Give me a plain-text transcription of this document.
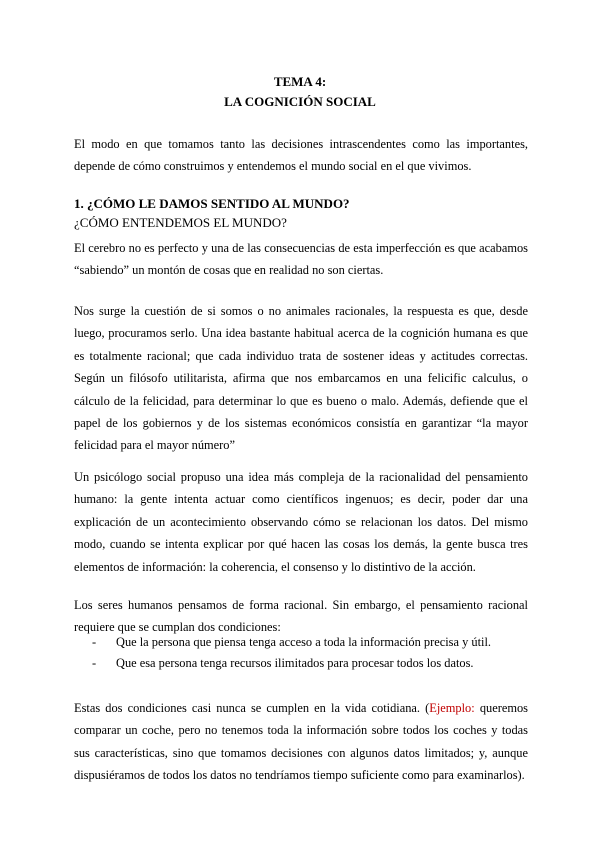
TEMA 4:
LA COGNICIÓN SOCIAL
El modo en que tomamos tanto las decisiones intrascendentes como las importantes, depende de cómo construimos y entendemos el mundo social en el que vivimos.
1. ¿CÓMO LE DAMOS SENTIDO AL MUNDO?
¿CÓMO ENTENDEMOS EL MUNDO?
El cerebro no es perfecto y una de las consecuencias de esta imperfección es que acabamos “sabiendo” un montón de cosas que en realidad no son ciertas.
Nos surge la cuestión de si somos o no animales racionales, la respuesta es que, desde luego, procuramos serlo. Una idea bastante habitual acerca de la cognición humana es que es totalmente racional; que cada individuo trata de sostener ideas y actitudes correctas. Según un filósofo utilitarista, afirma que nos embarcamos en una felicific calculus, o cálculo de la felicidad, para determinar lo que es bueno o malo. Además, defiende que el papel de los gobiernos y de los sistemas económicos consistía en garantizar “la mayor felicidad para el mayor número”
Un psicólogo social propuso una idea más compleja de la racionalidad del pensamiento humano: la gente intenta actuar como científicos ingenuos; es decir, poder dar una explicación de un acontecimiento observando cómo se relacionan los datos. Del mismo modo, cuando se intenta explicar por qué hacen las cosas los demás, la gente busca tres elementos de información: la coherencia, el consenso y lo distintivo de la acción.
Los seres humanos pensamos de forma racional. Sin embargo, el pensamiento racional requiere que se cumplan dos condiciones:
- Que la persona que piensa tenga acceso a toda la información precisa y útil.
- Que esa persona tenga recursos ilimitados para procesar todos los datos.
Estas dos condiciones casi nunca se cumplen en la vida cotidiana. (Ejemplo: queremos comparar un coche, pero no tenemos toda la información sobre todos los coches y todas sus características, sino que tomamos decisiones con algunos datos limitados; y, aunque dispusiéramos de todos los datos no tendríamos tiempo suficiente como para examinarlos).
